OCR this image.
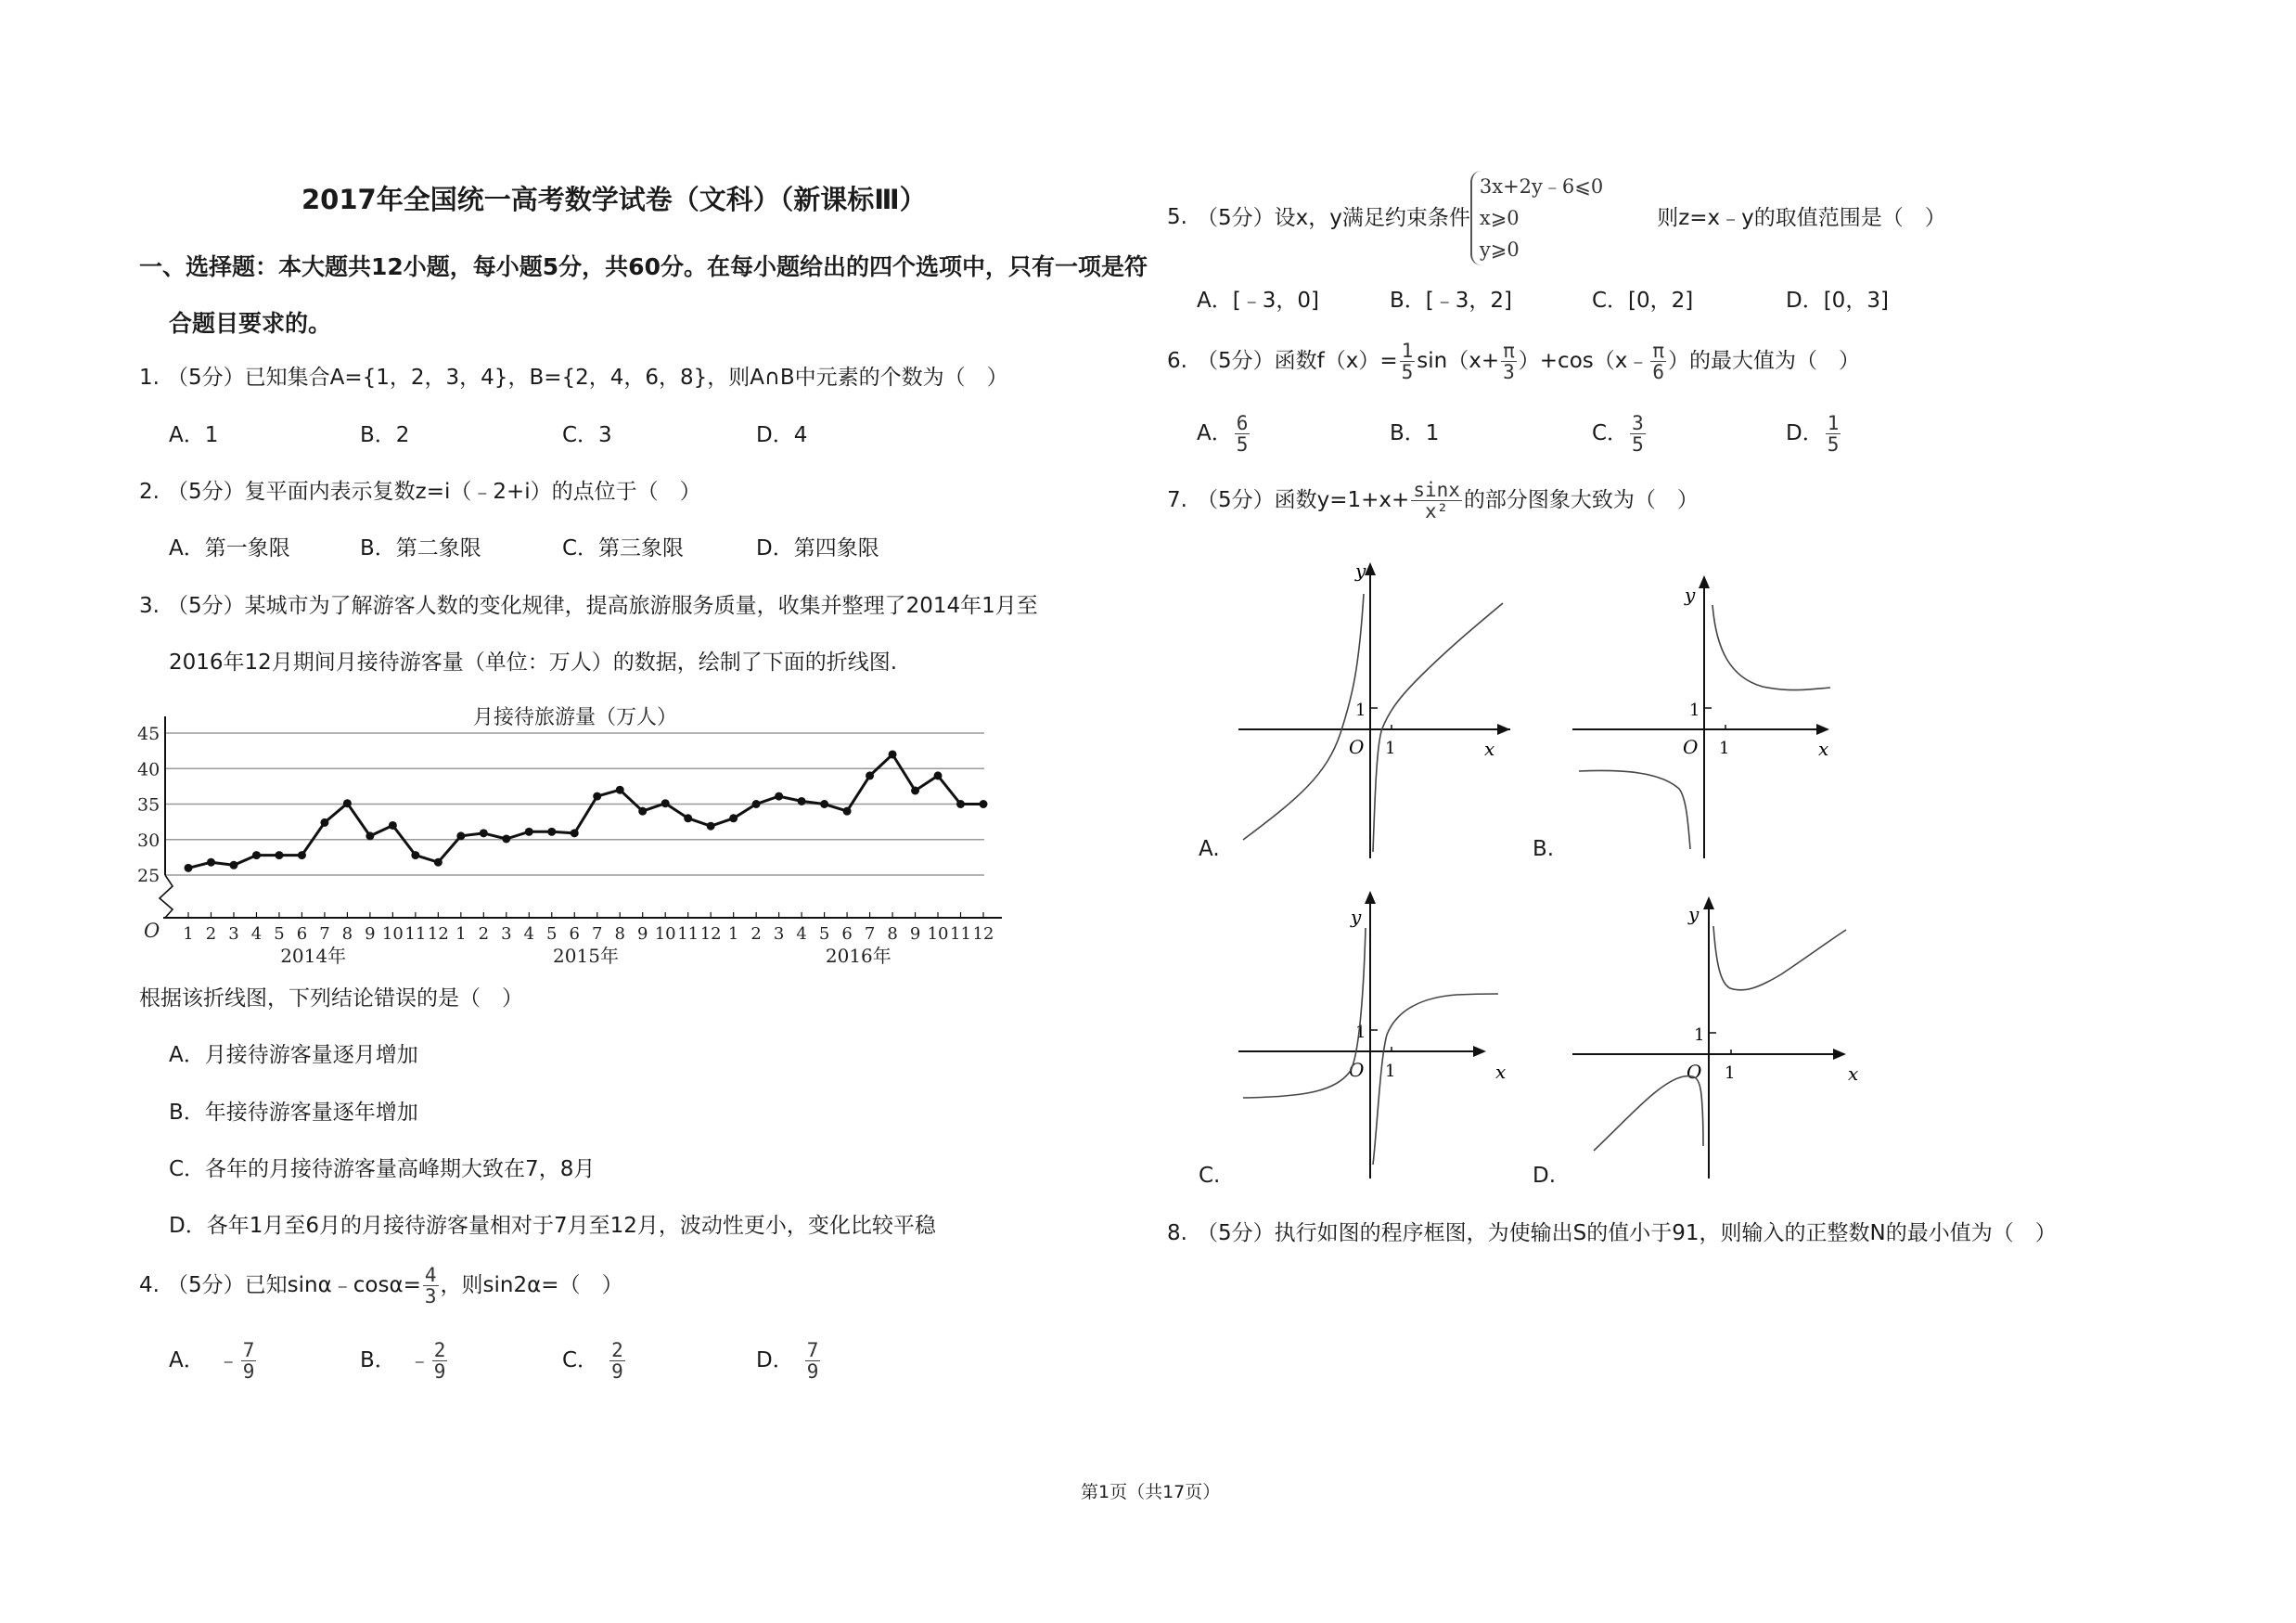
2017年全国统一高考数学试卷（文科）（新课标Ⅲ）
一、选择题：本大题共12小题，每小题5分，共60分。在每小题给出的四个选项中，只有一项是符
合题目要求的。
1. （5分）已知集合A={1，2，3，4}，B={2，4，6，8}，则A∩B中元素的个数为（　）
A．1	B．2	C．3	D．4
2. （5分）复平面内表示复数z=i（﹣2+i）的点位于（　）
A．第一象限	B．第二象限	C．第三象限	D．第四象限
3. （5分）某城市为了解游客人数的变化规律，提高旅游服务质量，收集并整理了2014年1月至
2016年12月期间月接待游客量（单位：万人）的数据，绘制了下面的折线图.
月接待旅游量（万人）
25
30
35
40
45
O 1 2 3 4 5 6 7 8 9 10 11 12 1 2 3 4 5 6 7 8 9 10 11 12 1 2 3 4 5 6 7 8 9 10 11 12
2014年	2015年	2016年
根据该折线图，下列结论错误的是（　）
A．月接待游客量逐月增加
B．年接待游客量逐年增加
C．各年的月接待游客量高峰期大致在7，8月
D．各年1月至6月的月接待游客量相对于7月至12月，波动性更小，变化比较平稳
4. （5分）已知sinα﹣cosα= $\frac{4}{3}$ ，则sin2α=（　）
A． ﹣ $\frac{7}{9}$	B． ﹣ $\frac{2}{9}$	C． $\frac{2}{9}$	D． $\frac{7}{9}$
5. （5分）设x，y满足约束条件
3x+2y﹣6⩽0
x⩾0
y⩾0
则z=x﹣y的取值范围是（　）
A．[﹣3，0]	B．[﹣3，2]	C．[0，2]	D．[0，3]
6. （5分）函数$f(x)= \frac{1}{5} \sin(x+ \frac{\pi}{3}$ ）+cos（x﹣ $\frac{\pi}{6}$ ）的最大值为（　）
A． $\frac{6}{5}$	B．1	C． $\frac{3}{5}$	D． $\frac{1}{5}$
7. （5分）函数$y=1+x+ \frac{\sin x}{\text{x²}}$ 的部分图象大致为（　）
A.
y
x
O 1
1
B.
y
x
O 1
1
C.
y
x
O 1
1
D.
y
x
O 1
1
8. （5分）执行如图的程序框图，为使输出S的值小于91，则输入的正整数N的最小值为（　）
第1页（共17页）
